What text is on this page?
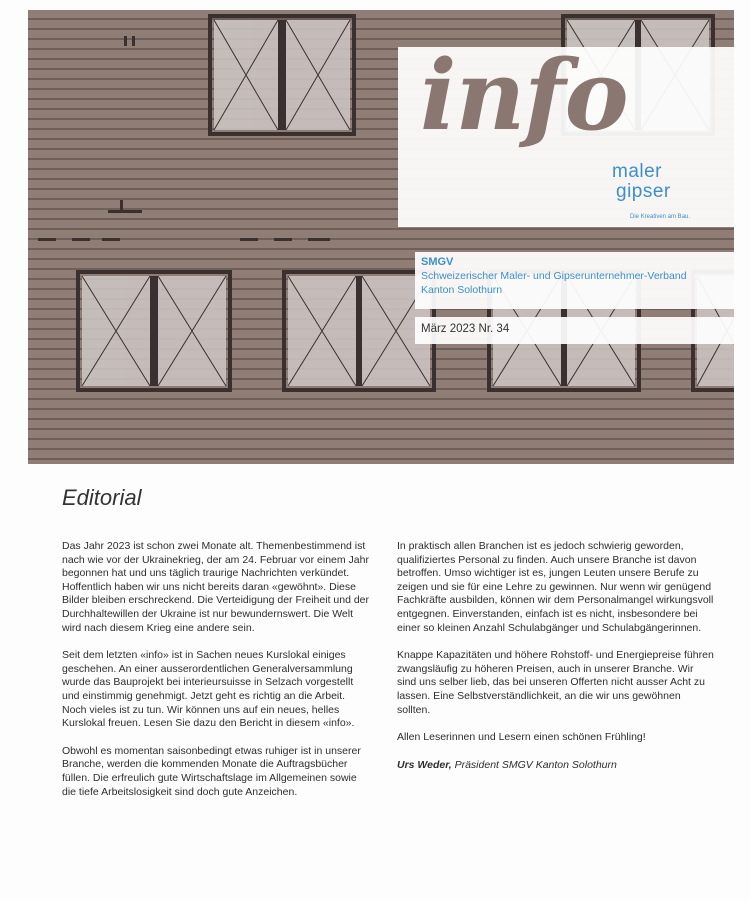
info
maler
gipser
Die Kreativen am Bau.
SMGV
Schweizerischer Maler- und Gipserunternehmer-Verband
Kanton Solothurn
März 2023 Nr. 34
Editorial

Das Jahr 2023 ist schon zwei Monate alt. Themenbestimmend ist nach wie vor der Ukrainekrieg, der am 24. Februar vor einem Jahr begonnen hat und uns täglich traurige Nachrichten verkündet. Hoffentlich haben wir uns nicht bereits daran «gewöhnt». Diese Bilder bleiben erschreckend. Die Verteidigung der Freiheit und der Durchhaltewillen der Ukraine ist nur bewundernswert. Die Welt wird nach diesem Krieg eine andere sein.

Seit dem letzten «info» ist in Sachen neues Kurslokal einiges geschehen. An einer ausserordentlichen Generalversammlung wurde das Bauprojekt bei interieursuisse in Selzach vorgestellt und einstimmig genehmigt. Jetzt geht es richtig an die Arbeit. Noch vieles ist zu tun. Wir können uns auf ein neues, helles Kurslokal freuen. Lesen Sie dazu den Bericht in diesem «info».

Obwohl es momentan saisonbedingt etwas ruhiger ist in unserer Branche, werden die kommenden Monate die Auftragsbücher füllen. Die erfreulich gute Wirtschaftslage im Allgemeinen sowie die tiefe Arbeitslosigkeit sind doch gute Anzeichen.

In praktisch allen Branchen ist es jedoch schwierig geworden, qualifiziertes Personal zu finden. Auch unsere Branche ist davon betroffen. Umso wichtiger ist es, jungen Leuten unsere Berufe zu zeigen und sie für eine Lehre zu gewinnen. Nur wenn wir genügend Fachkräfte ausbilden, können wir dem Personalmangel wirkungsvoll entgegnen. Einverstanden, einfach ist es nicht, insbesondere bei einer so kleinen Anzahl Schulabgänger und Schulabgängerinnen.

Knappe Kapazitäten und höhere Rohstoff- und Energiepreise führen zwangsläufig zu höheren Preisen, auch in unserer Branche. Wir sind uns selber lieb, das bei unseren Offerten nicht ausser Acht zu lassen. Eine Selbstverständlichkeit, an die wir uns gewöhnen sollten.

Allen Leserinnen und Lesern einen schönen Frühling!

Urs Weder, Präsident SMGV Kanton Solothurn
